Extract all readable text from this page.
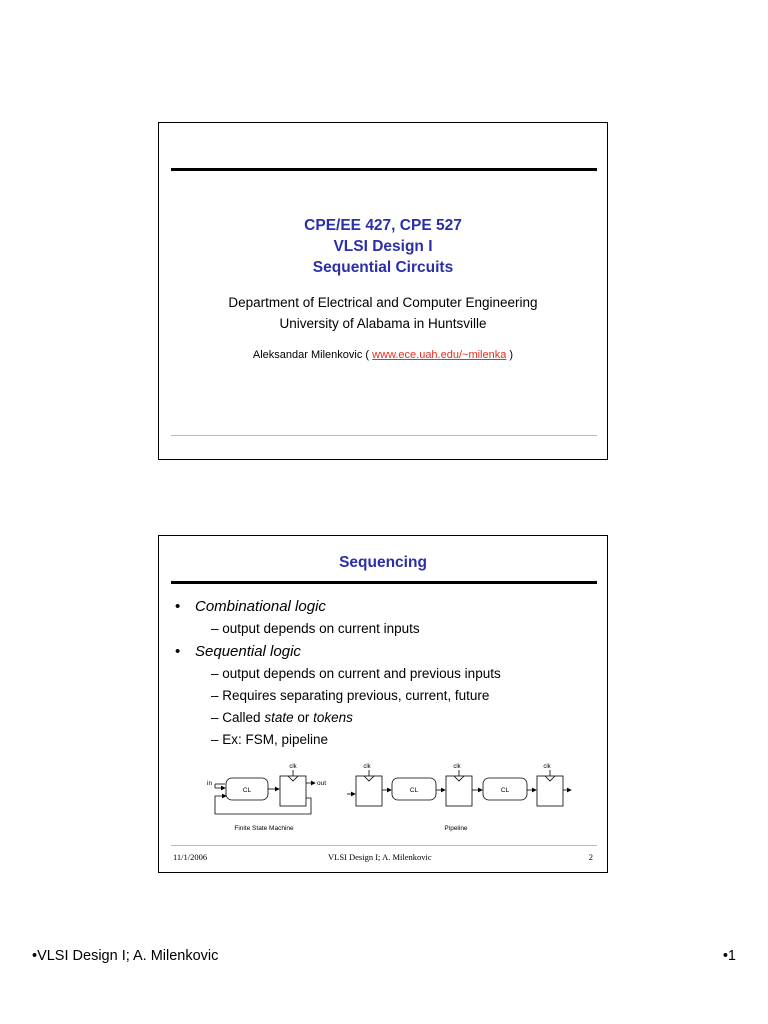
CPE/EE 427, CPE 527
VLSI Design I
Sequential Circuits
Department of Electrical and Computer Engineering
University of Alabama in Huntsville
Aleksandar Milenkovic ( www.ece.uah.edu/~milenka )
Sequencing

• Combinational logic

– output depends on current inputs

• Sequential logic

– output depends on current and previous inputs

– Requires separating previous, current, future

– Called state or tokens

– Ex: FSM, pipeline

in
CL
clk
out
Finite State Machine
clk
CL
clk
CL
clk
Pipeline
11/1/2006	VLSI Design I; A. Milenkovic	2
•VLSI Design I; A. Milenkovic	•1
